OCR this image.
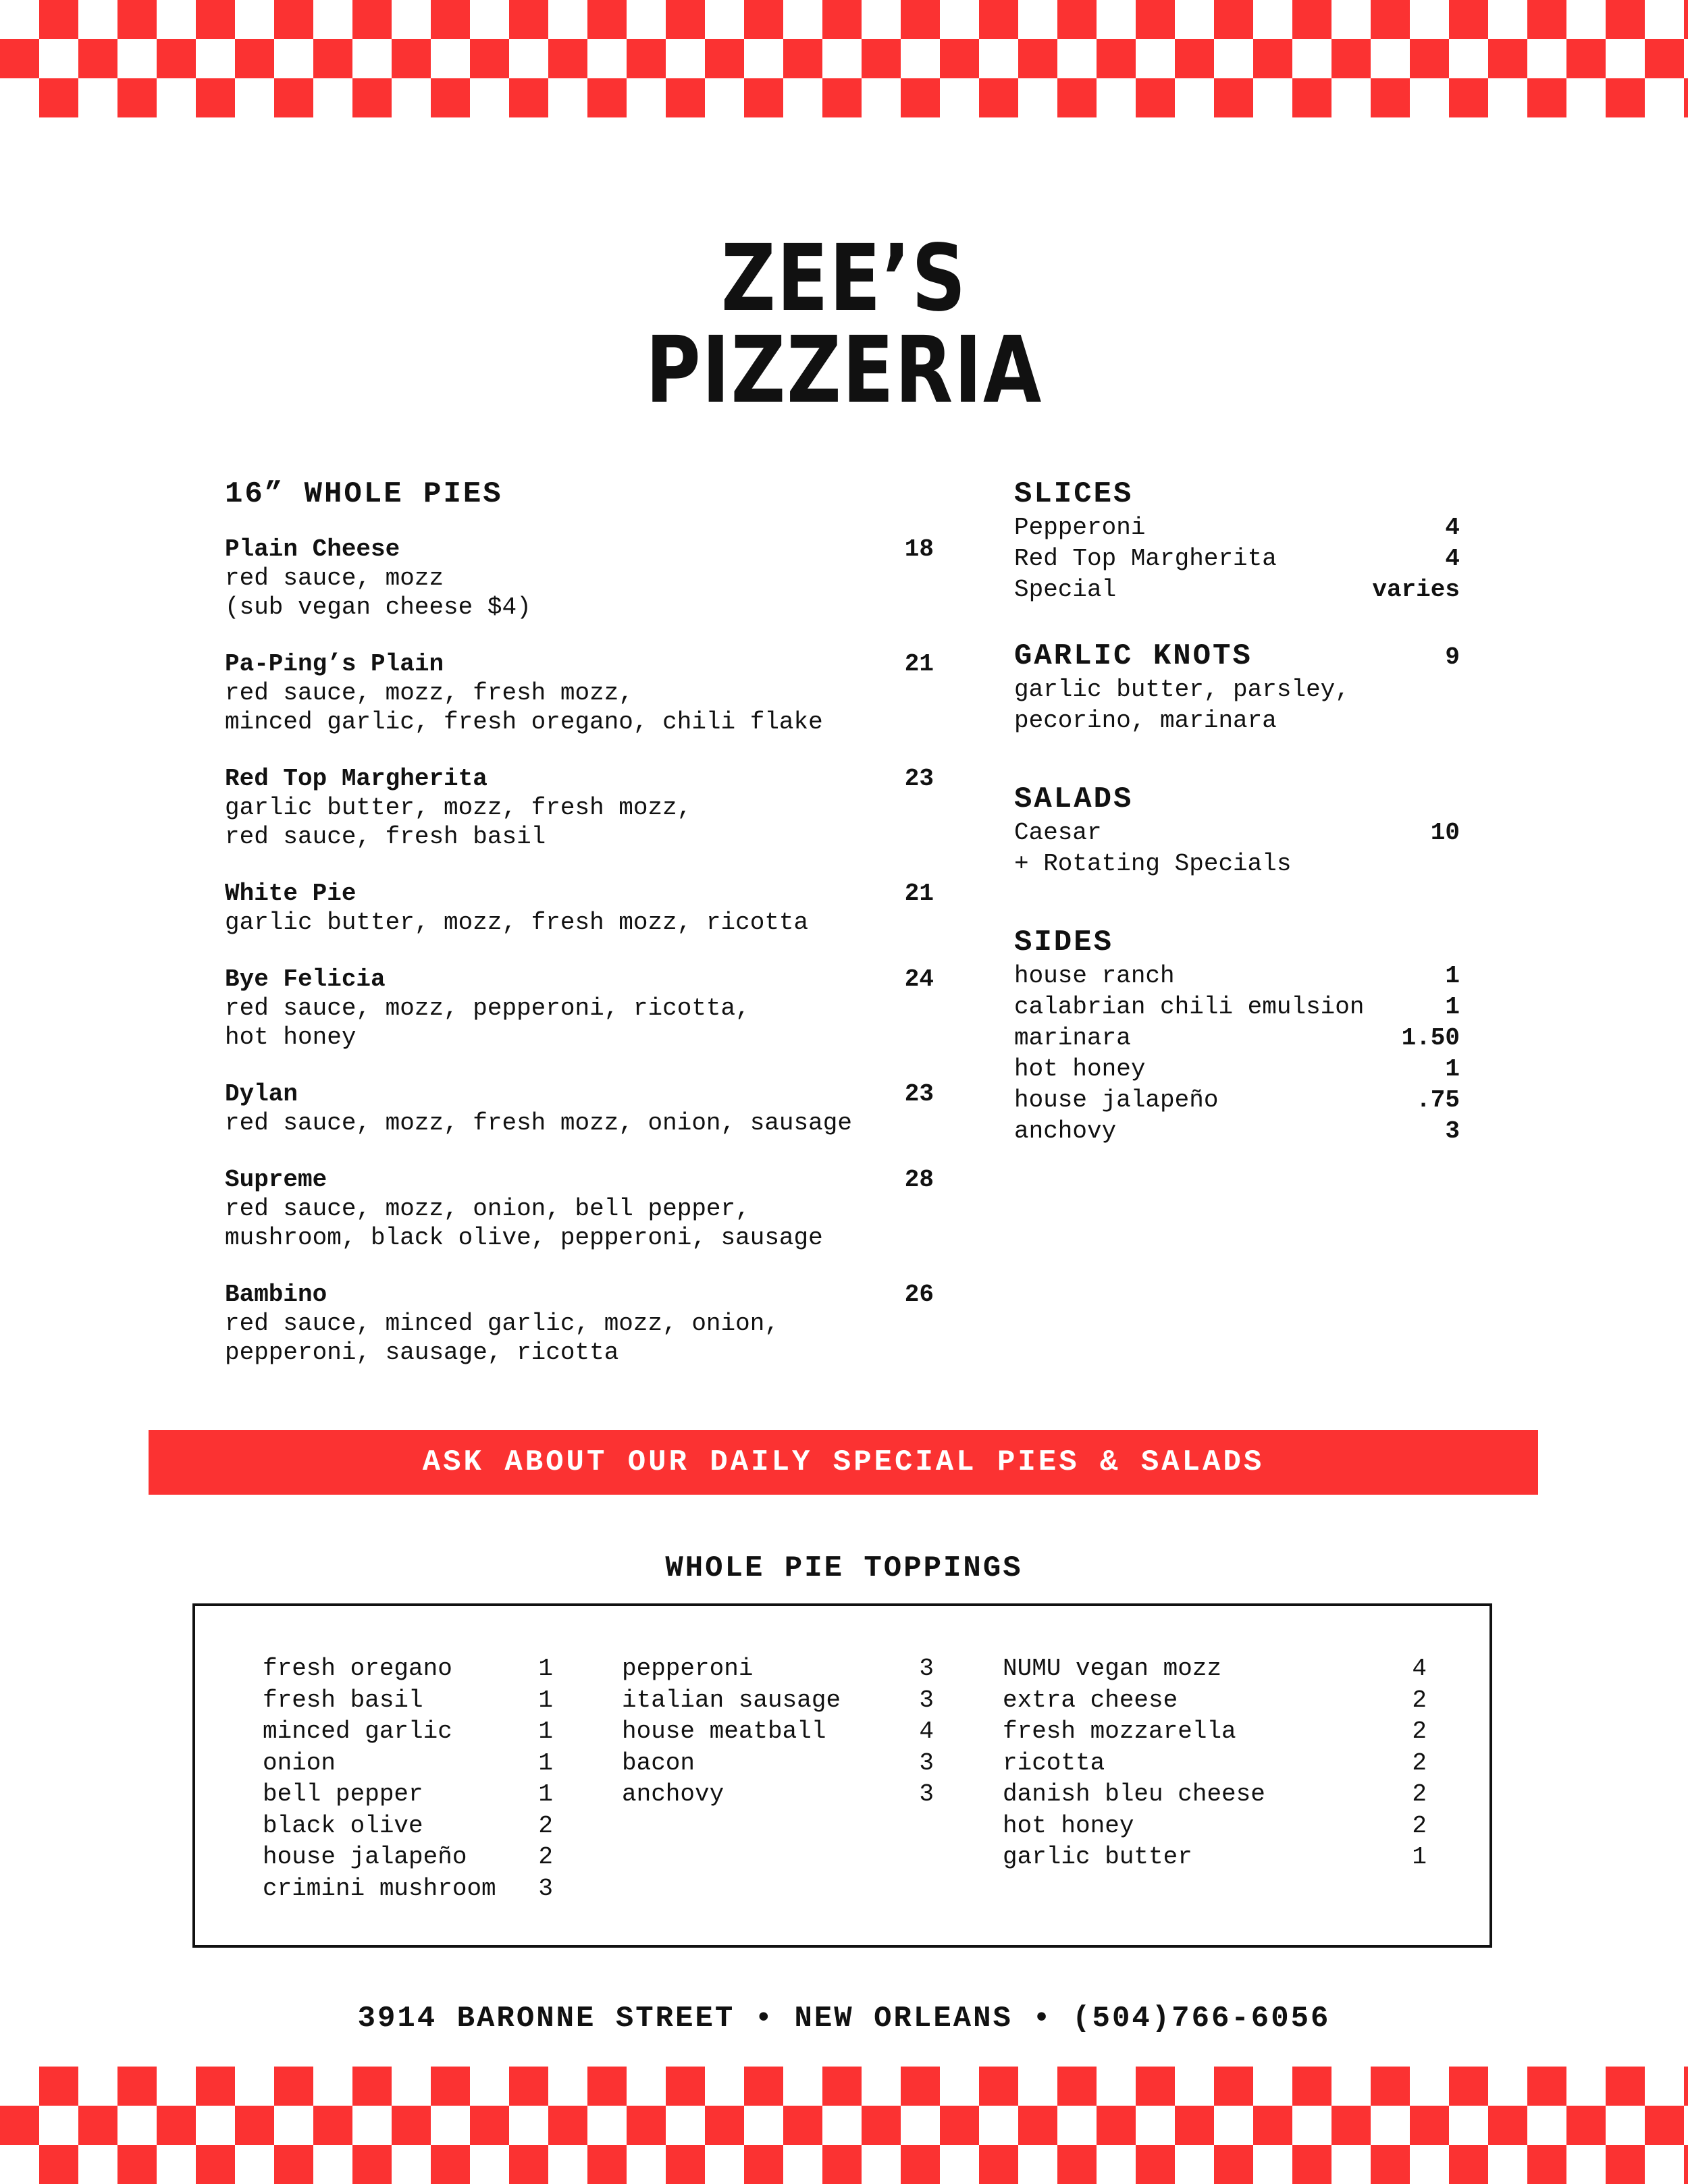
ZEE’S
PIZZERIA
16” WHOLE PIES
Plain Cheese	18
red sauce, mozz
(sub vegan cheese $4)
Pa-Ping’s Plain	21
red sauce, mozz, fresh mozz,
minced garlic, fresh oregano, chili flake
Red Top Margherita	23
garlic butter, mozz, fresh mozz,
red sauce, fresh basil
White Pie	21
garlic butter, mozz, fresh mozz, ricotta
Bye Felicia	24
red sauce, mozz, pepperoni, ricotta,
hot honey
Dylan	23
red sauce, mozz, fresh mozz, onion, sausage
Supreme	28
red sauce, mozz, onion, bell pepper,
mushroom, black olive, pepperoni, sausage
Bambino	26
red sauce, minced garlic, mozz, onion,
pepperoni, sausage, ricotta
SLICES
Pepperoni	4
Red Top Margherita	4
Special	varies
GARLIC KNOTS	9
garlic butter, parsley,
pecorino, marinara
SALADS
Caesar	10
+ Rotating Specials
SIDES
house ranch	1
calabrian chili emulsion	1
marinara	1.50
hot honey	1
house jalapeño	.75
anchovy	3
ASK ABOUT OUR DAILY SPECIAL PIES & SALADS
WHOLE PIE TOPPINGS
fresh oregano	1
fresh basil	1
minced garlic	1
onion	1
bell pepper	1
black olive	2
house jalapeño	2
crimini mushroom 3
pepperoni	3
italian sausage	3
house meatball	4
bacon	3
anchovy	3
NUMU vegan mozz	4
extra cheese	2
fresh mozzarella	2
ricotta	2
danish bleu cheese	2
hot honey	2
garlic butter	1
3914 BARONNE STREET • NEW ORLEANS • (504)766-6056
